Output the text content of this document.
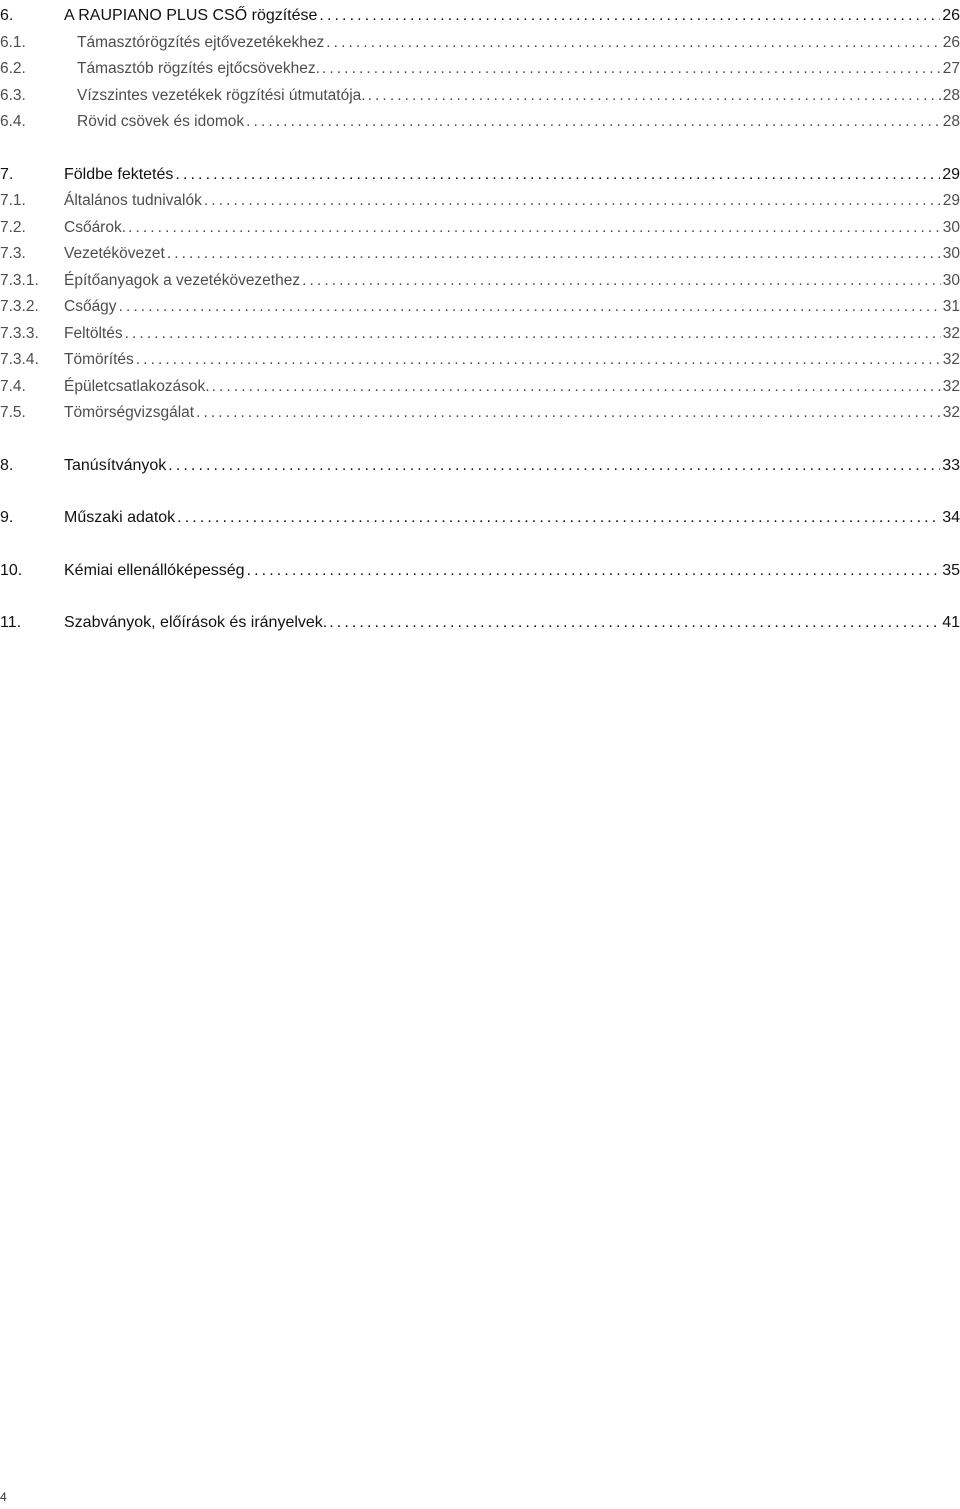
6.	A RAUPIANO PLUS CSŐ rögzítése .....	26
6.1.	Támasztórögzítés ejtővezetékekhez .....	26
6.2.	Támasztób rögzítés ejtőcsövekhez. .....	27
6.3.	Vízszintes vezetékek rögzítési útmutatója. .....	28
6.4.	Rövid csövek és idomok .....	28
7.	Földbe fektetés .....	29
7.1.	Általános tudnivalók .....	29
7.2.	Csőárok. .....	30
7.3.	Vezetékövezet .....	30
7.3.1.	Építőanyagok a vezetékövezethez .....	30
7.3.2.	Csőágy .....	31
7.3.3.	Feltöltés .....	32
7.3.4.	Tömörítés .....	32
7.4.	Épületcsatlakozások. .....	32
7.5.	Tömörségvizsgálat .....	32
8.	Tanúsítványok .....	33
9.	Műszaki adatok .....	34
10.	Kémiai ellenállóképesség .....	35
11.	Szabványok, előírások és irányelvek. .....	41
4
